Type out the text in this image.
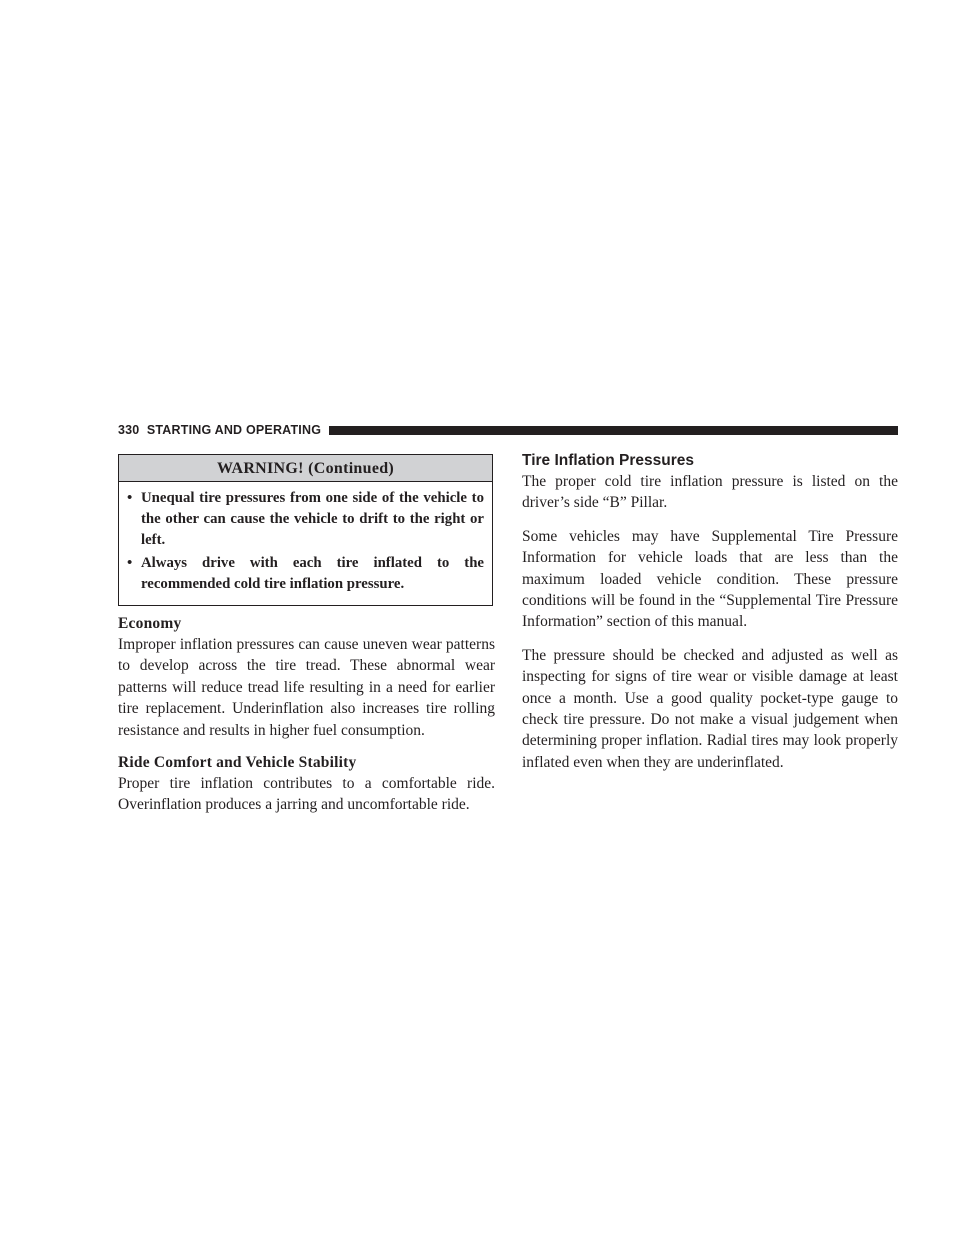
330 STARTING AND OPERATING
WARNING! (Continued)
• Unequal tire pressures from one side of the vehicle to the other can cause the vehicle to drift to the right or left.
• Always drive with each tire inflated to the recommended cold tire inflation pressure.
Economy

Improper inflation pressures can cause uneven wear patterns to develop across the tire tread. These abnormal wear patterns will reduce tread life resulting in a need for earlier tire replacement. Underinflation also increases tire rolling resistance and results in higher fuel consumption.

Ride Comfort and Vehicle Stability

Proper tire inflation contributes to a comfortable ride. Overinflation produces a jarring and uncomfortable ride.

Tire Inflation Pressures

The proper cold tire inflation pressure is listed on the driver’s side “B” Pillar.

Some vehicles may have Supplemental Tire Pressure Information for vehicle loads that are less than the maximum loaded vehicle condition. These pressure conditions will be found in the “Supplemental Tire Pressure Information” section of this manual.

The pressure should be checked and adjusted as well as inspecting for signs of tire wear or visible damage at least once a month. Use a good quality pocket-type gauge to check tire pressure. Do not make a visual judgement when determining proper inflation. Radial tires may look properly inflated even when they are underinflated.
